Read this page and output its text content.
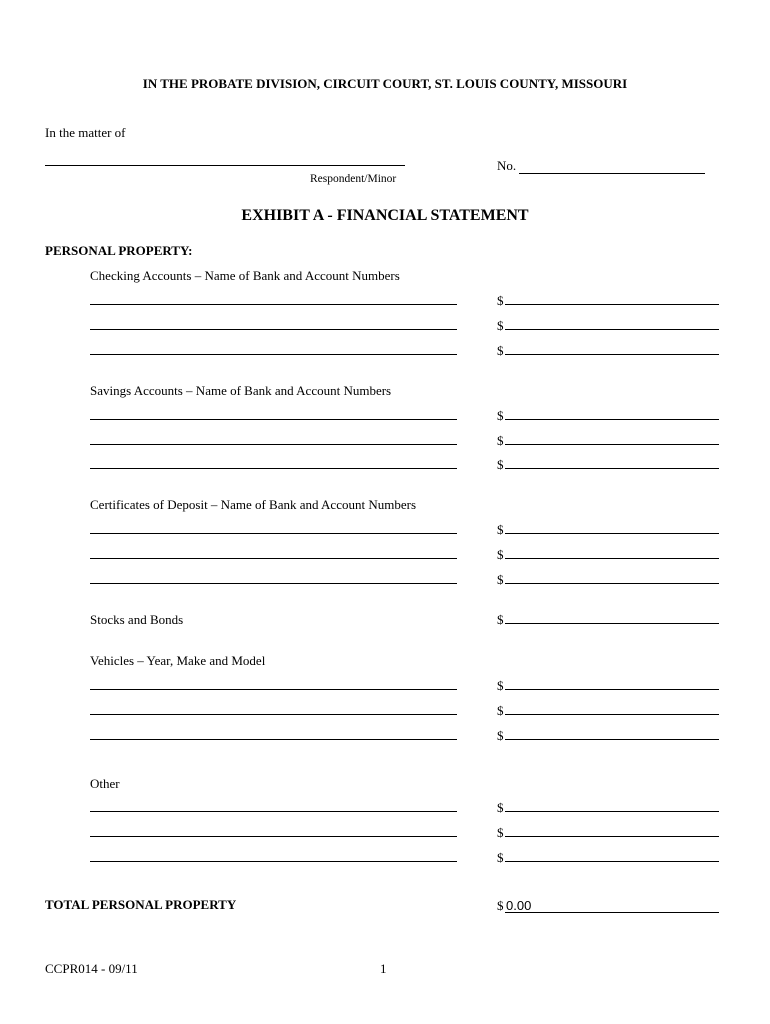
IN THE PROBATE DIVISION, CIRCUIT COURT, ST. LOUIS COUNTY, MISSOURI
In the matter of
Respondent/Minor
No.
EXHIBIT A - FINANCIAL STATEMENT
PERSONAL PROPERTY:
Checking Accounts – Name of Bank and Account Numbers
$
$
$
Savings Accounts – Name of Bank and Account Numbers
$
$
$
Certificates of Deposit – Name of Bank and Account Numbers
$
$
$
Stocks and Bonds	$
Vehicles – Year, Make and Model
$
$
$
Other
$
$
$
TOTAL PERSONAL PROPERTY	$ 0.00
CCPR014 - 09/11	1
